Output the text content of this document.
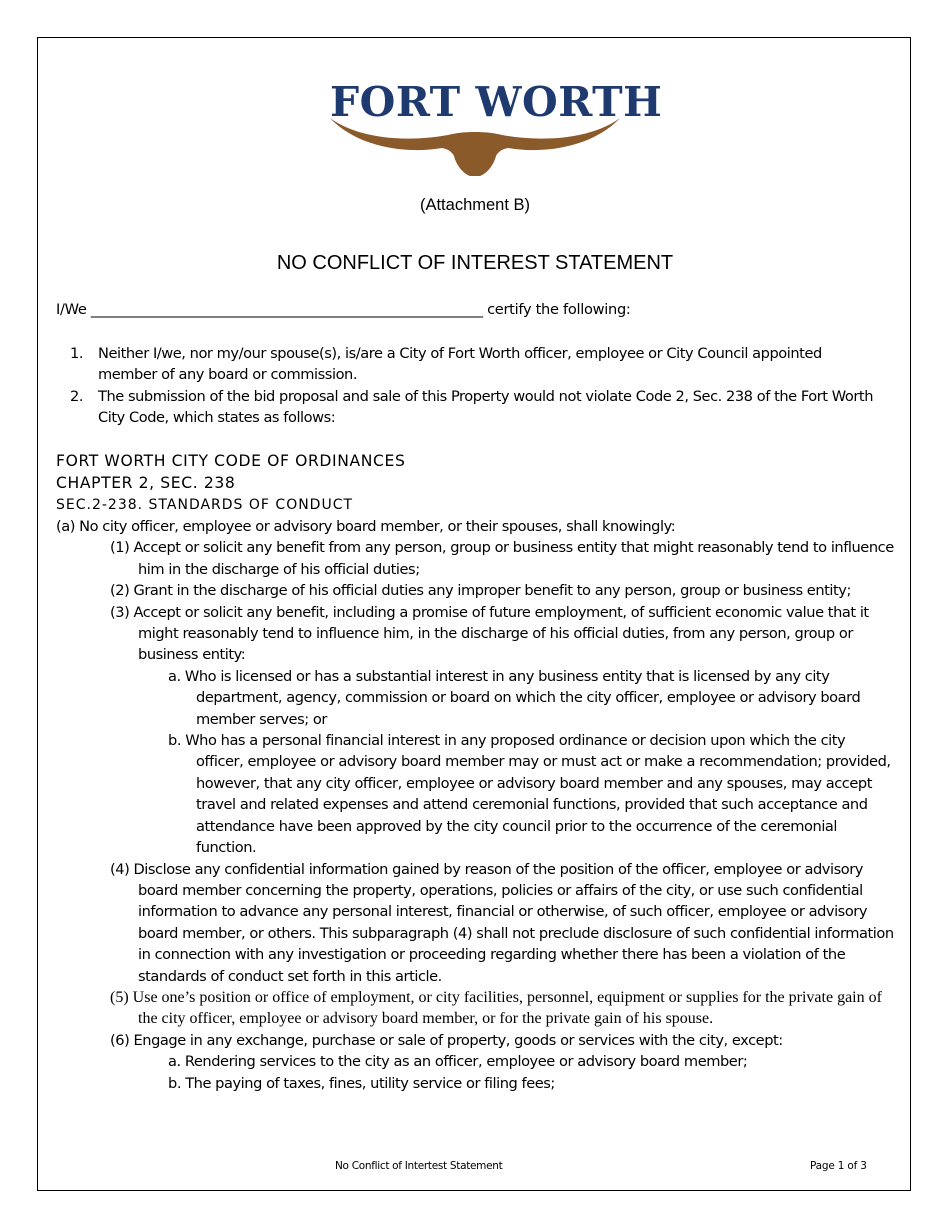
FORT WORTH
(Attachment B)
NO CONFLICT OF INTEREST STATEMENT
I/We ________________________________________________________ certify the following:

1. Neither I/we, nor my/our spouse(s), is/are a City of Fort Worth officer, employee or City Council appointed member of any board or commission.

2. The submission of the bid proposal and sale of this Property would not violate Code 2, Sec. 238 of the Fort Worth City Code, which states as follows:

FORT WORTH CITY CODE OF ORDINANCES

CHAPTER 2, SEC. 238

SEC.2-238. STANDARDS OF CONDUCT

(a) No city officer, employee or advisory board member, or their spouses, shall knowingly:

(1) Accept or solicit any benefit from any person, group or business entity that might reasonably tend to influence him in the discharge of his official duties;

(2) Grant in the discharge of his official duties any improper benefit to any person, group or business entity;

(3) Accept or solicit any benefit, including a promise of future employment, of sufficient economic value that it might reasonably tend to influence him, in the discharge of his official duties, from any person, group or business entity:

a. Who is licensed or has a substantial interest in any business entity that is licensed by any city department, agency, commission or board on which the city officer, employee or advisory board member serves; or

b. Who has a personal financial interest in any proposed ordinance or decision upon which the city officer, employee or advisory board member may or must act or make a recommendation; provided, however, that any city officer, employee or advisory board member and any spouses, may accept travel and related expenses and attend ceremonial functions, provided that such acceptance and attendance have been approved by the city council prior to the occurrence of the ceremonial function.

(4) Disclose any confidential information gained by reason of the position of the officer, employee or advisory board member concerning the property, operations, policies or affairs of the city, or use such confidential information to advance any personal interest, financial or otherwise, of such officer, employee or advisory board member, or others. This subparagraph (4) shall not preclude disclosure of such confidential information in connection with any investigation or proceeding regarding whether there has been a violation of the standards of conduct set forth in this article.

(5) Use one’s position or office of employment, or city facilities, personnel, equipment or supplies for the private gain of the city officer, employee or advisory board member, or for the private gain of his spouse.

(6) Engage in any exchange, purchase or sale of property, goods or services with the city, except:

a. Rendering services to the city as an officer, employee or advisory board member;

b. The paying of taxes, fines, utility service or filing fees;

No Conflict of Intertest Statement	Page 1 of 3
